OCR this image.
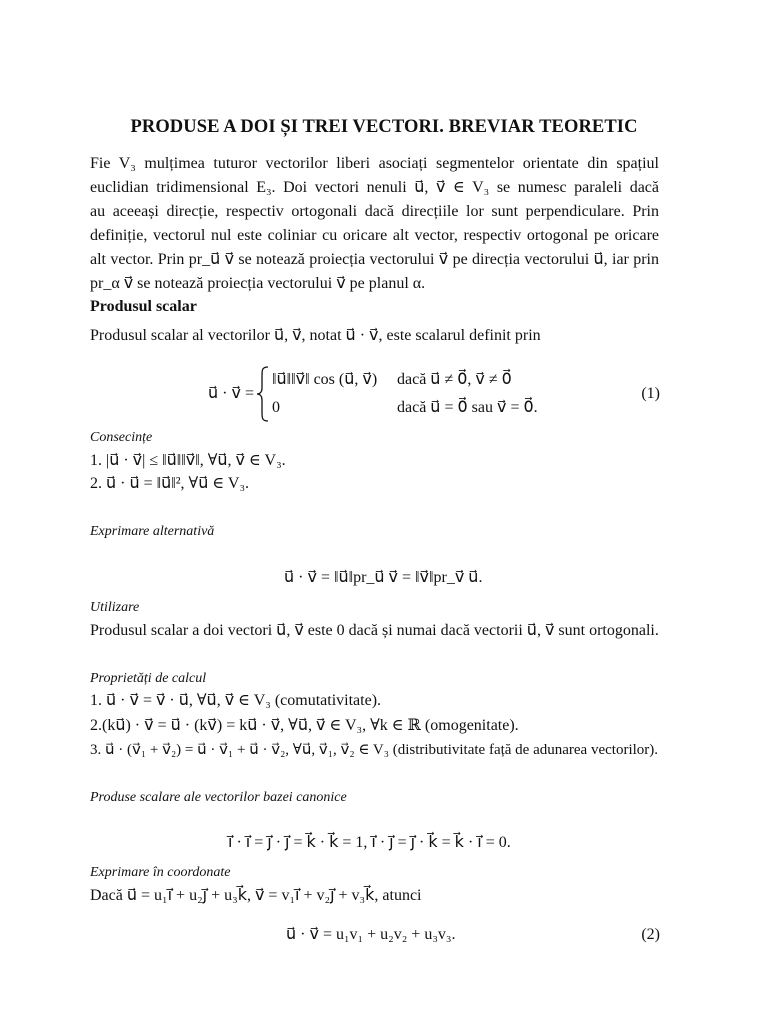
PRODUSE A DOI ȘI TREI VECTORI. BREVIAR TEORETIC
Fie V₃ mulțimea tuturor vectorilor liberi asociați segmentelor orientate din spațiul
euclidian tridimensional E₃. Doi vectori nenuli u⃗, v⃗ ∈ V₃ se numesc paraleli dacă
au aceeași direcție, respectiv ortogonali dacă direcțiile lor sunt perpendiculare. Prin
definiție, vectorul nul este coliniar cu oricare alt vector, respectiv ortogonal pe oricare
alt vector. Prin pr_u⃗ v⃗ se notează proiecția vectorului v⃗ pe direcția vectorului u⃗, iar prin
pr_α v⃗ se notează proiecția vectorului v⃗ pe planul α.
Produsul scalar
Produsul scalar al vectorilor u⃗, v⃗, notat u⃗ · v⃗, este scalarul definit prin
u⃗ · v⃗ =
‖u⃗‖‖v⃗‖ cos (u⃗, v⃗) dacă u⃗ ≠ 0⃗, v⃗ ≠ 0⃗
0	dacă u⃗ = 0⃗ sau v⃗ = 0⃗.
(1)
Consecințe
1. |u⃗ · v⃗| ≤ ‖u⃗‖‖v⃗‖, ∀u⃗, v⃗ ∈ V₃.
2. u⃗ · u⃗ = ‖u⃗‖², ∀u⃗ ∈ V₃.
Exprimare alternativă
u⃗ · v⃗ = ‖u⃗‖pr_u⃗ v⃗ = ‖v⃗‖pr_v⃗ u⃗.
Utilizare
Produsul scalar a doi vectori u⃗, v⃗ este 0 dacă și numai dacă vectorii u⃗, v⃗ sunt ortogonali.
Proprietăți de calcul
1. u⃗ · v⃗ = v⃗ · u⃗, ∀u⃗, v⃗ ∈ V₃ (comutativitate).
2.(ku⃗) · v⃗ = u⃗ · (kv⃗) = ku⃗ · v⃗, ∀u⃗, v⃗ ∈ V₃, ∀k ∈ ℝ (omogenitate).
3. u⃗ · (v⃗₁ + v⃗₂) = u⃗ · v⃗₁ + u⃗ · v⃗₂, ∀u⃗, v⃗₁, v⃗₂ ∈ V₃ (distributivitate față de adunarea vectorilor).
Produse scalare ale vectorilor bazei canonice
i⃗ · i⃗ = j⃗ · j⃗ = k⃗ · k⃗ = 1, i⃗ · j⃗ = j⃗ · k⃗ = k⃗ · i⃗ = 0.
Exprimare în coordonate
Dacă u⃗ = u₁i⃗ + u₂j⃗ + u₃k⃗, v⃗ = v₁i⃗ + v₂j⃗ + v₃k⃗, atunci
u⃗ · v⃗ = u₁v₁ + u₂v₂ + u₃v₃.	(2)
